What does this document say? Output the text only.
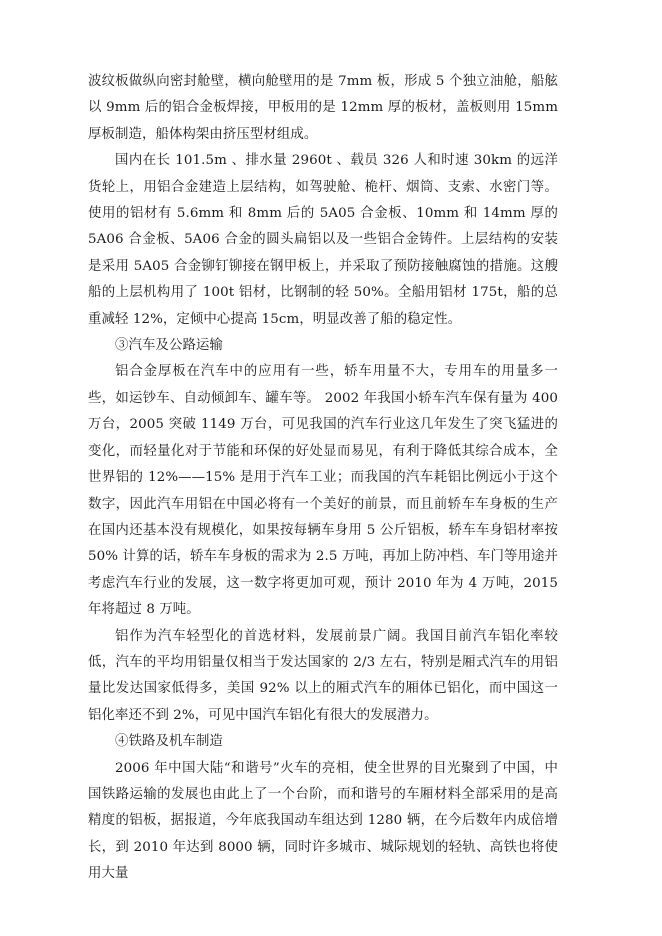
波纹板做纵向密封舱壁，横向舱壁用的是 7mm 板，形成 5 个独立油舱，船舷以 9mm 后的铝合金板焊接，甲板用的是 12mm 厚的板材，盖板则用 15mm 厚板制造，船体构架由挤压型材组成。

国内在长 101.5m 、排水量 2960t 、载员 326 人和时速 30km 的远洋货轮上，用铝合金建造上层结构，如驾驶舱、桅杆、烟筒、支索、水密门等。使用的铝材有 5.6mm 和 8mm 后的 5A05 合金板、10mm 和 14mm 厚的 5A06 合金板、5A06 合金的圆头扁铝以及一些铝合金铸件。上层结构的安装是采用 5A05 合金铆钉铆接在钢甲板上，并采取了预防接触腐蚀的措施。这艘船的上层机构用了 100t 铝材，比钢制的轻 50%。全船用铝材 175t，船的总重减轻 12%，定倾中心提高 15cm，明显改善了船的稳定性。

③汽车及公路运输

铝合金厚板在汽车中的应用有一些，轿车用量不大，专用车的用量多一些，如运钞车、自动倾卸车、罐车等。 2002 年我国小轿车汽车保有量为 400 万台，2005 突破 1149 万台，可见我国的汽车行业这几年发生了突飞猛进的变化，而轻量化对于节能和环保的好处显而易见，有利于降低其综合成本，全世界铝的 12%——15% 是用于汽车工业；而我国的汽车耗铝比例远小于这个数字，因此汽车用铝在中国必将有一个美好的前景，而且前轿车车身板的生产在国内还基本没有规模化，如果按每辆车身用 5 公斤铝板，轿车车身铝材率按 50% 计算的话，轿车车身板的需求为 2.5 万吨，再加上防冲档、车门等用途并考虑汽车行业的发展，这一数字将更加可观，预计 2010 年为 4 万吨，2015 年将超过 8 万吨。

铝作为汽车轻型化的首选材料，发展前景广阔。我国目前汽车铝化率较低，汽车的平均用铝量仅相当于发达国家的 2/3 左右，特别是厢式汽车的用铝量比发达国家低得多，美国 92% 以上的厢式汽车的厢体已铝化，而中国这一铝化率还不到 2%，可见中国汽车铝化有很大的发展潜力。

④铁路及机车制造

2006 年中国大陆“和谐号”火车的亮相，使全世界的目光聚到了中国，中国铁路运输的发展也由此上了一个台阶，而和谐号的车厢材料全部采用的是高精度的铝板，据报道，今年底我国动车组达到 1280 辆，在今后数年内成倍增长，到 2010 年达到 8000 辆，同时许多城市、城际规划的轻轨、高铁也将使用大量
